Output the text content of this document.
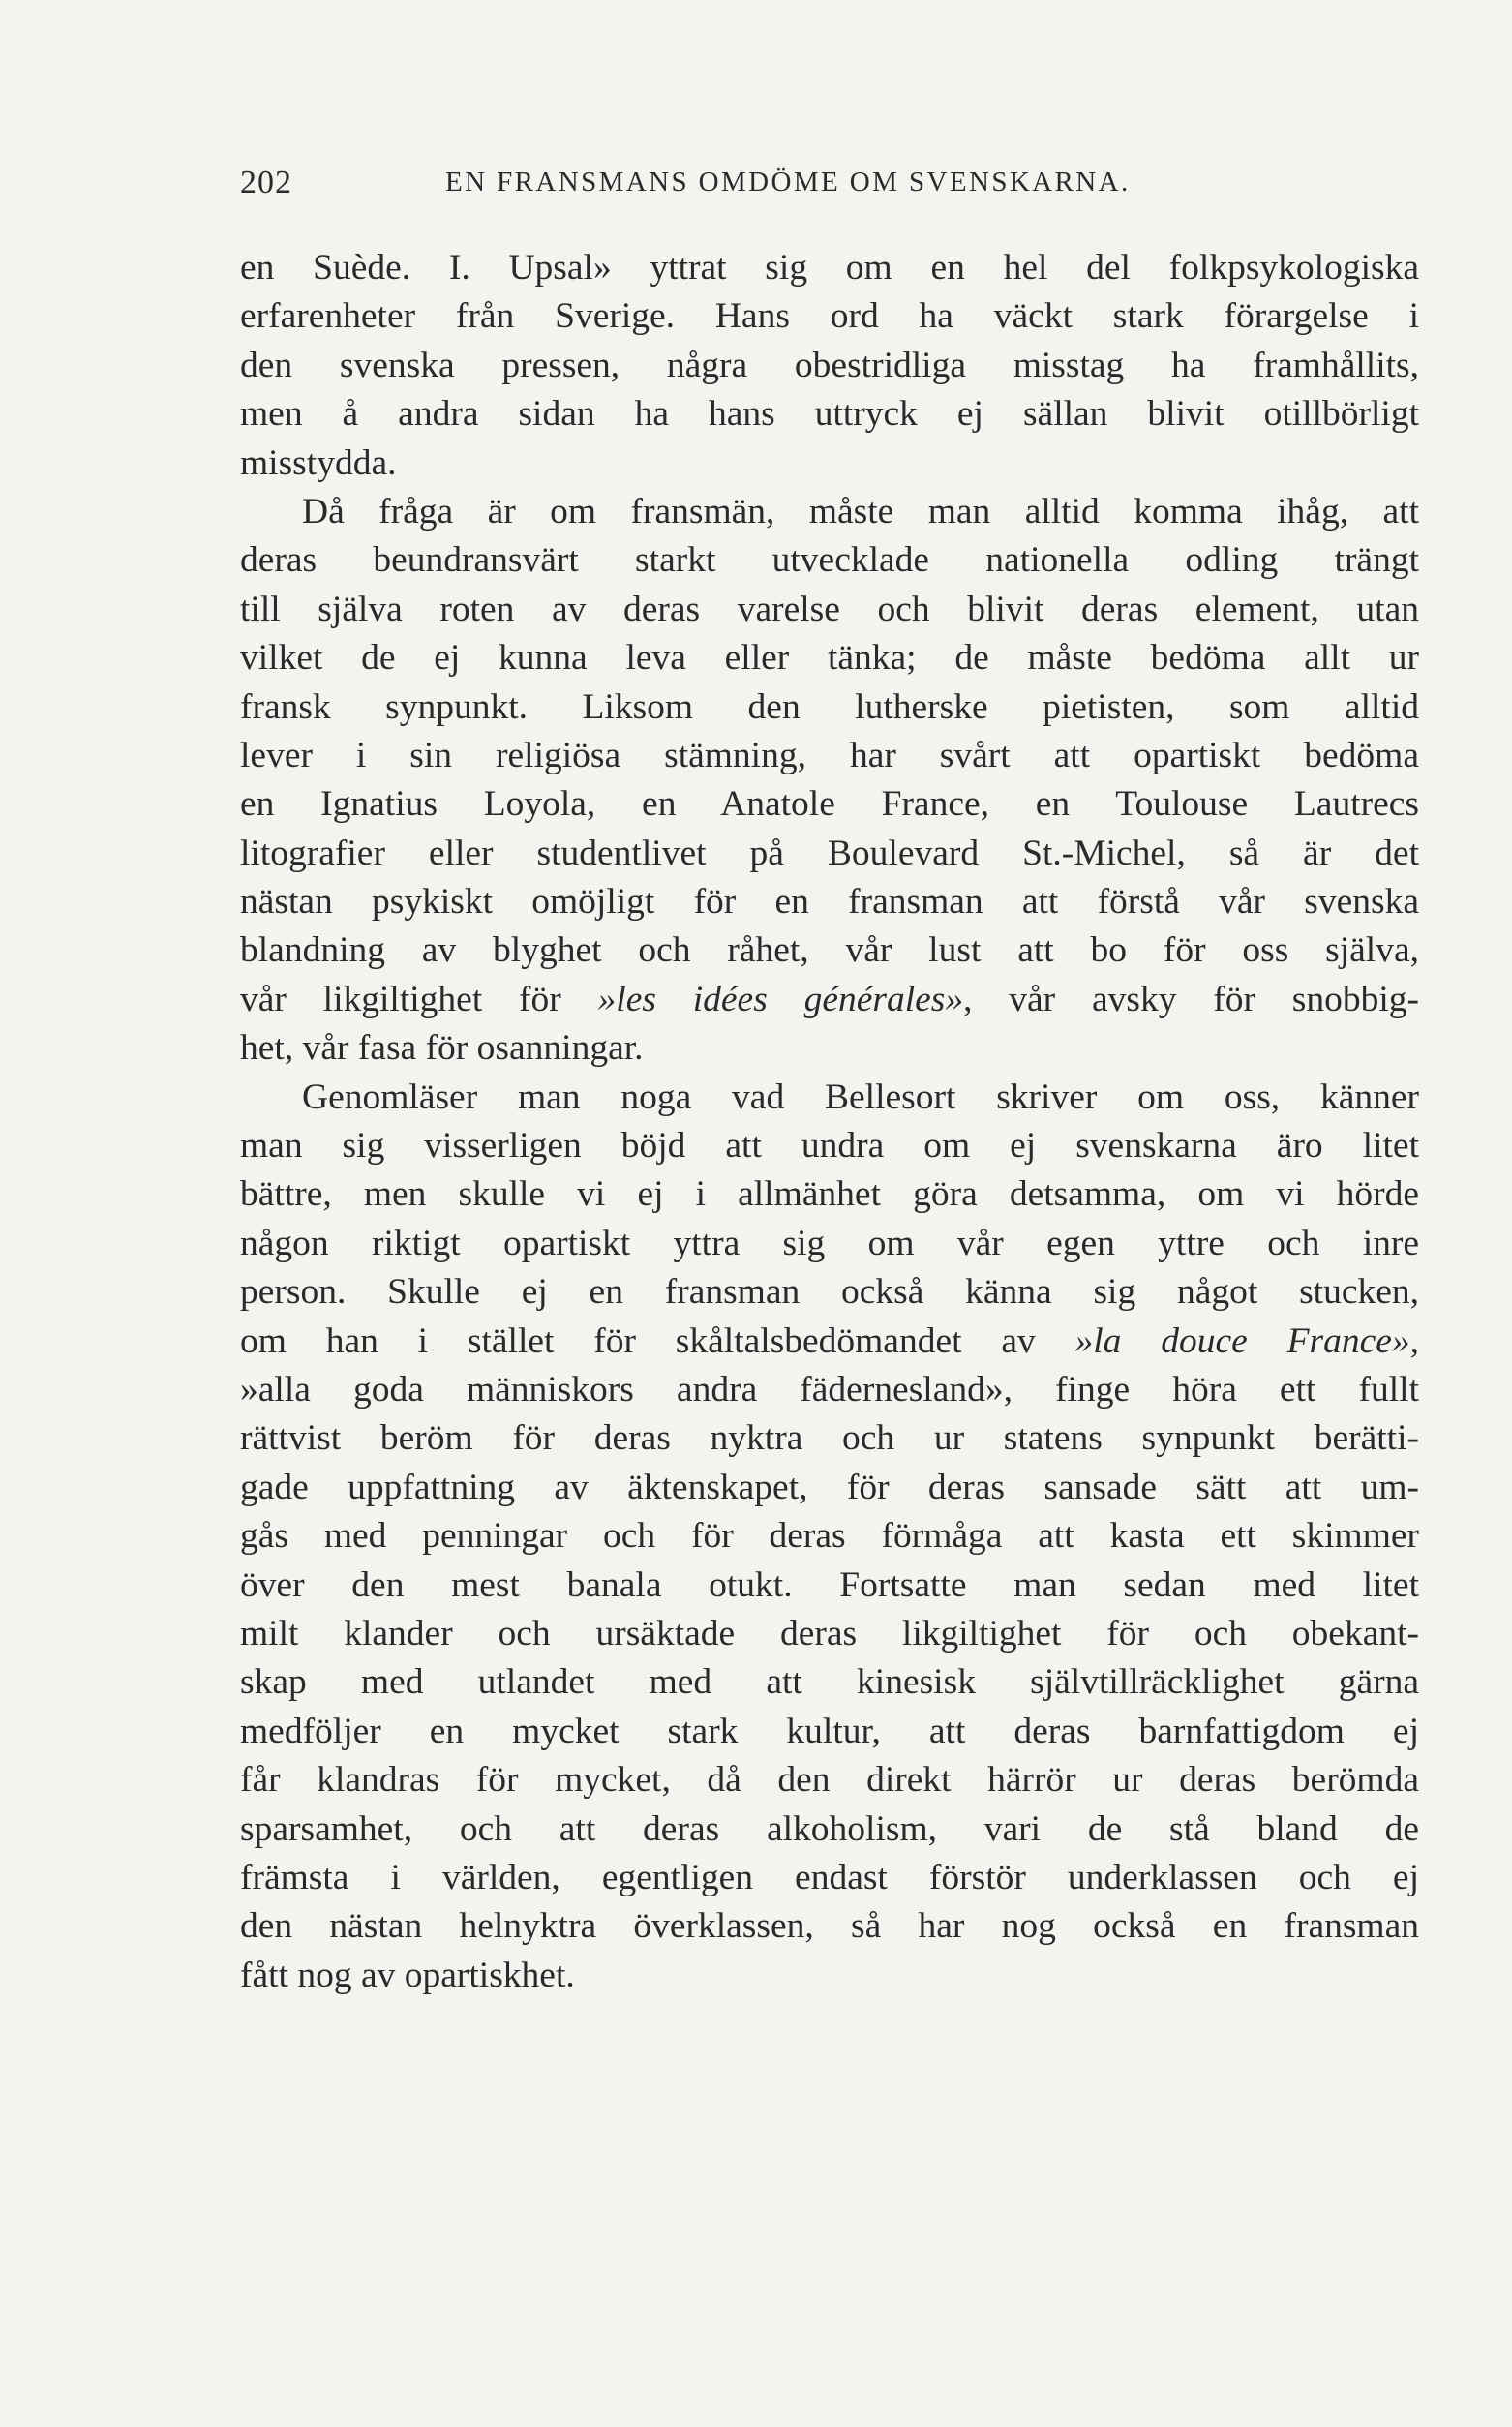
202	EN FRANSMANS OMDÖME OM SVENSKARNA.
en Suède. I. Upsal» yttrat sig om en hel del folkpsykologiska
erfarenheter från Sverige. Hans ord ha väckt stark förargelse i
den svenska pressen, några obestridliga misstag ha framhållits,
men å andra sidan ha hans uttryck ej sällan blivit otillbörligt
misstydda.
Då fråga är om fransmän, måste man alltid komma ihåg, att
deras beundransvärt starkt utvecklade nationella odling trängt
till själva roten av deras varelse och blivit deras element, utan
vilket de ej kunna leva eller tänka; de måste bedöma allt ur
fransk synpunkt. Liksom den lutherske pietisten, som alltid
lever i sin religiösa stämning, har svårt att opartiskt bedöma
en Ignatius Loyola, en Anatole France, en Toulouse Lautrecs
litografier eller studentlivet på Boulevard St.-Michel, så är det
nästan psykiskt omöjligt för en fransman att förstå vår svenska
blandning av blyghet och råhet, vår lust att bo för oss själva,
vår likgiltighet för »les idées générales», vår avsky för snobbig-
het, vår fasa för osanningar.
Genomläser man noga vad Bellesort skriver om oss, känner
man sig visserligen böjd att undra om ej svenskarna äro litet
bättre, men skulle vi ej i allmänhet göra detsamma, om vi hörde
någon riktigt opartiskt yttra sig om vår egen yttre och inre
person. Skulle ej en fransman också känna sig något stucken,
om han i stället för skåltalsbedömandet av »la douce France»,
»alla goda människors andra fädernesland», finge höra ett fullt
rättvist beröm för deras nyktra och ur statens synpunkt berätti-
gade uppfattning av äktenskapet, för deras sansade sätt att um-
gås med penningar och för deras förmåga att kasta ett skimmer
över den mest banala otukt. Fortsatte man sedan med litet
milt klander och ursäktade deras likgiltighet för och obekant-
skap med utlandet med att kinesisk självtillräcklighet gärna
medföljer en mycket stark kultur, att deras barnfattigdom ej
får klandras för mycket, då den direkt härrör ur deras berömda
sparsamhet, och att deras alkoholism, vari de stå bland de
främsta i världen, egentligen endast förstör underklassen och ej
den nästan helnyktra överklassen, så har nog också en fransman
fått nog av opartiskhet.
